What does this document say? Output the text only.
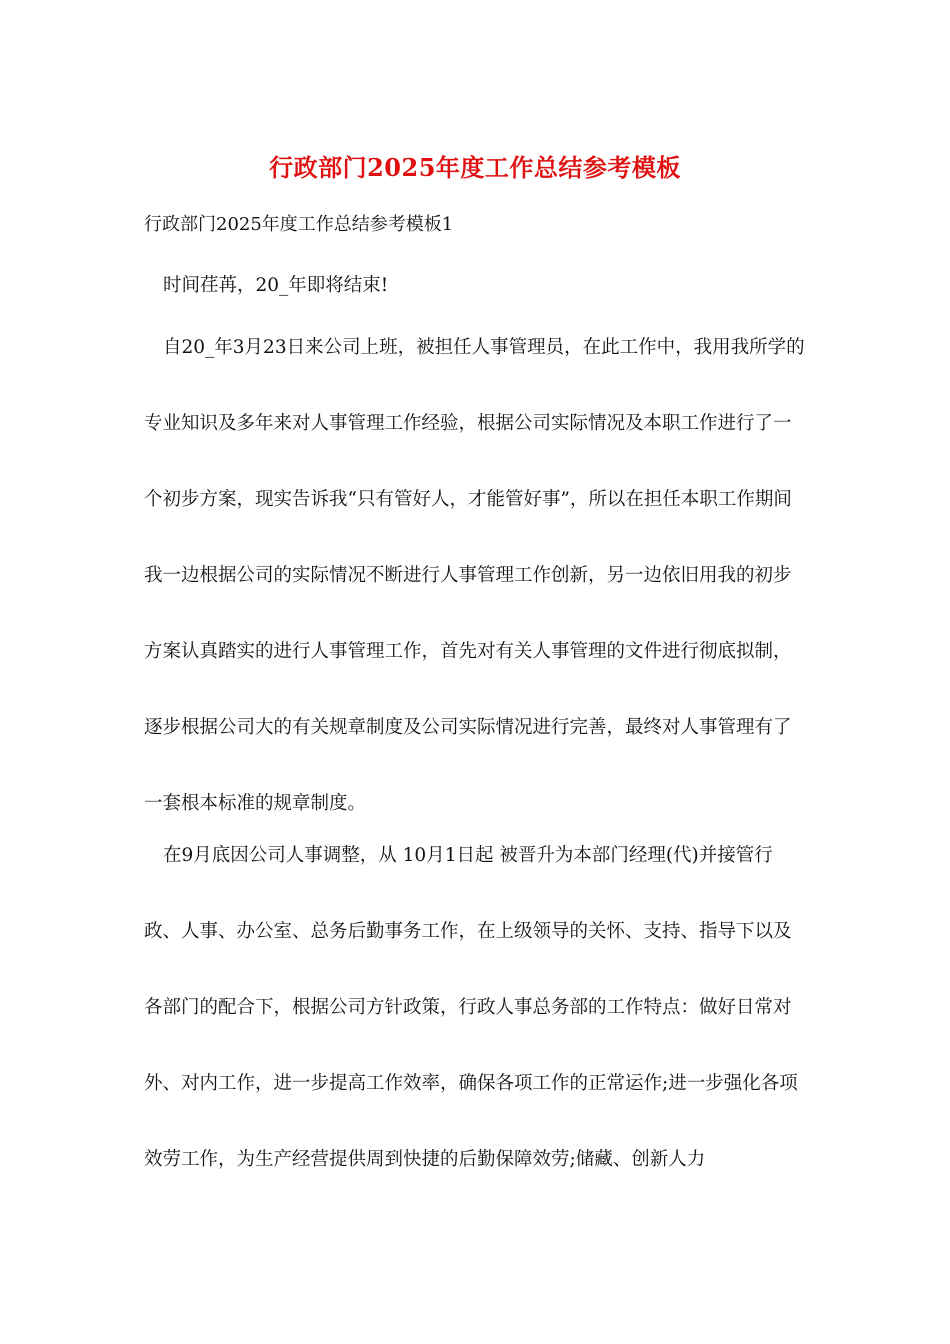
行政部门2025年度工作总结参考模板
行政部门2025年度工作总结参考模板1

时间荏苒，20_年即将结束!

自20_年3月23日来公司上班，被担任人事管理员，在此工作中，我用我所学的专业知识及多年来对人事管理工作经验，根据公司实际情况及本职工作进行了一个初步方案，现实告诉我“只有管好人，才能管好事”，所以在担任本职工作期间我一边根据公司的实际情况不断进行人事管理工作创新，另一边依旧用我的初步方案认真踏实的进行人事管理工作，首先对有关人事管理的文件进行彻底拟制，逐步根据公司大的有关规章制度及公司实际情况进行完善，最终对人事管理有了一套根本标准的规章制度。

在9月底因公司人事调整，从 10月1日起 被晋升为本部门经理(代)并接管行政、人事、办公室、总务后勤事务工作，在上级领导的关怀、支持、指导下以及各部门的配合下，根据公司方针政策，行政人事总务部的工作特点：做好日常对外、对内工作，进一步提高工作效率，确保各项工作的正常运作;进一步强化各项效劳工作，为生产经营提供周到快捷的后勤保障效劳;储藏、创新人力
